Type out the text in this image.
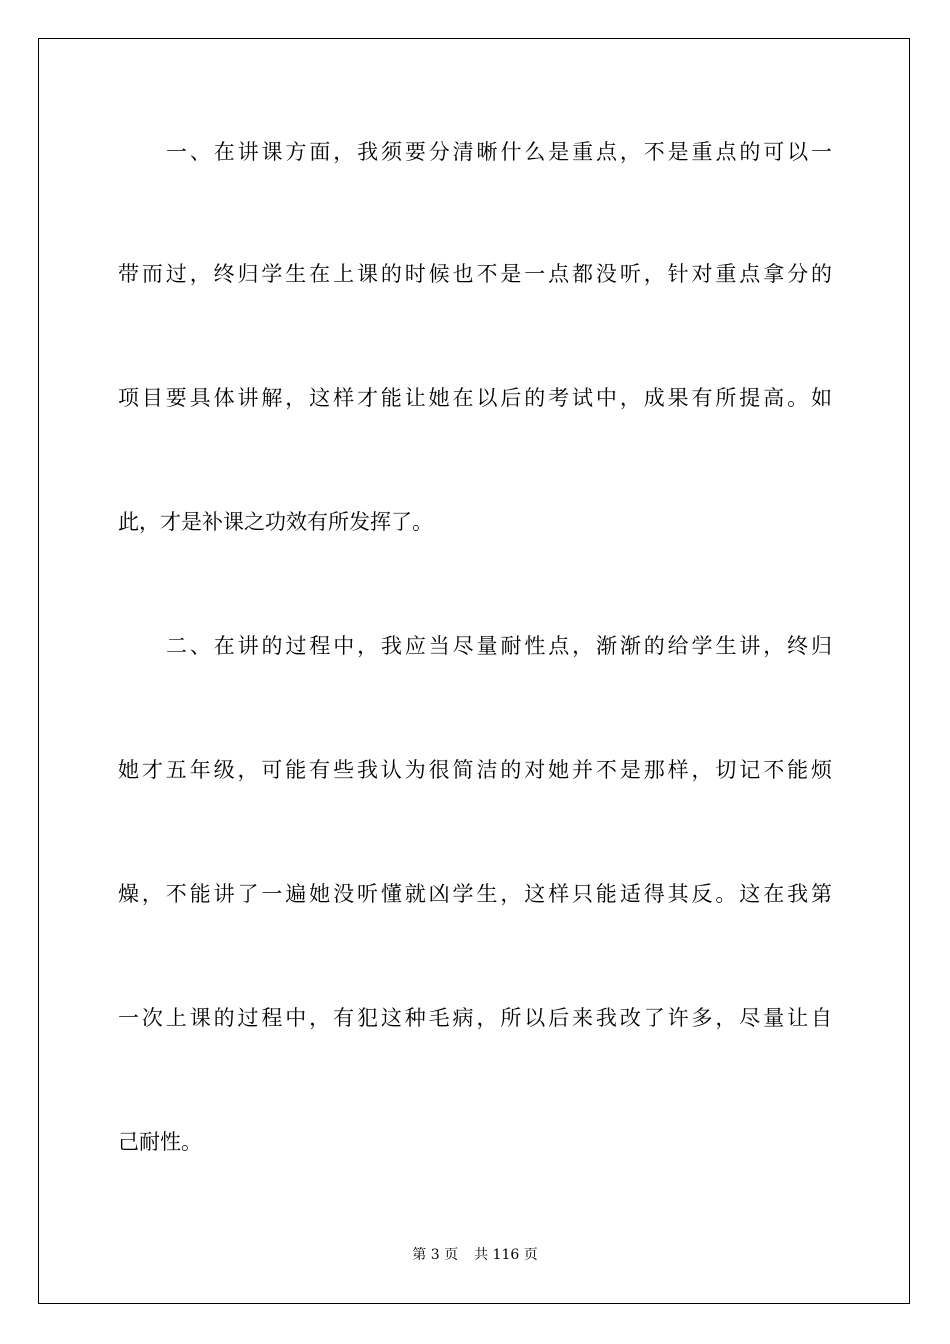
一、在讲课方面，我须要分清晰什么是重点，不是重点的可以一
带而过，终归学生在上课的时候也不是一点都没听，针对重点拿分的
项目要具体讲解，这样才能让她在以后的考试中，成果有所提高。如
此，才是补课之功效有所发挥了。
二、在讲的过程中，我应当尽量耐性点，渐渐的给学生讲，终归
她才五年级，可能有些我认为很简洁的对她并不是那样，切记不能烦
燥，不能讲了一遍她没听懂就凶学生，这样只能适得其反。这在我第
一次上课的过程中，有犯这种毛病，所以后来我改了许多，尽量让自
己耐性。
第 3 页 共 116 页
